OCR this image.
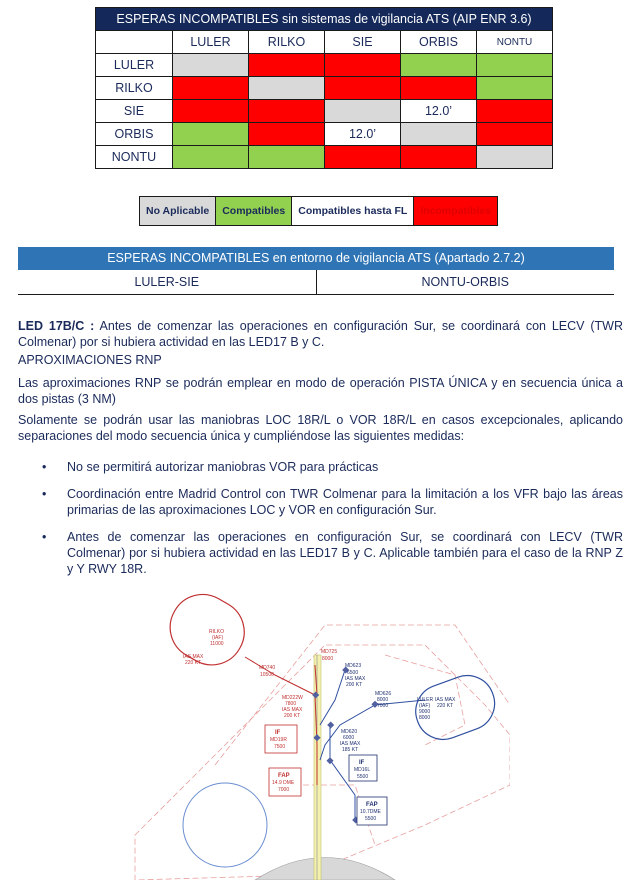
ESPERAS INCOMPATIBLES sin sistemas de vigilancia ATS (AIP ENR 3.6)					
	LULER	RILKO	SIE	ORBIS	NONTU
LULER					
RILKO					
SIE				12.0’	
ORBIS			12.0’		
NONTU					
No Aplicable	Compatibles	Compatibles hasta FL	Incompatibles
ESPERAS INCOMPATIBLES en entorno de vigilancia ATS (Apartado 2.7.2)
LULER-SIE	NONTU-ORBIS
LED 17B/C : Antes de comenzar las operaciones en configuración Sur, se coordinará con LECV (TWR Colmenar) por si hubiera actividad en las LED17 B y C.
APROXIMACIONES RNP
Las aproximaciones RNP se podrán emplear en modo de operación PISTA ÚNICA y en secuencia única a dos pistas (3 NM)
Solamente se podrán usar las maniobras LOC 18R/L o VOR 18R/L en casos excepcionales, aplicando separaciones del modo secuencia única y cumpliéndose las siguientes medidas:
• No se permitirá autorizar maniobras VOR para prácticas
• Coordinación entre Madrid Control con TWR Colmenar para la limitación a los VFR bajo las áreas primarias de las aproximaciones LOC y VOR en configuración Sur.
• Antes de comenzar las operaciones en configuración Sur, se coordinará con LECV (TWR Colmenar) por si hubiera actividad en las LED17 B y C. Aplicable también para el caso de la RNP Z y Y RWY 18R.
RILKO
(IAF)
11000
IAS MAX
220 KT
MD740
10500
MD725
8000
MD222W
7800
IAS MAX
200 KT
MD623
6500
IAS MAX
200 KT
MD626
8000
7000
LULER
(IAF)
9000
8000
IAS MAX
220 KT
MD620
6000
IAS MAX
185 KT
IF
MD19R
7500
IF
MD16L
5500
FAP
14.9 DME
7000
FAP
10.7DME
5500
